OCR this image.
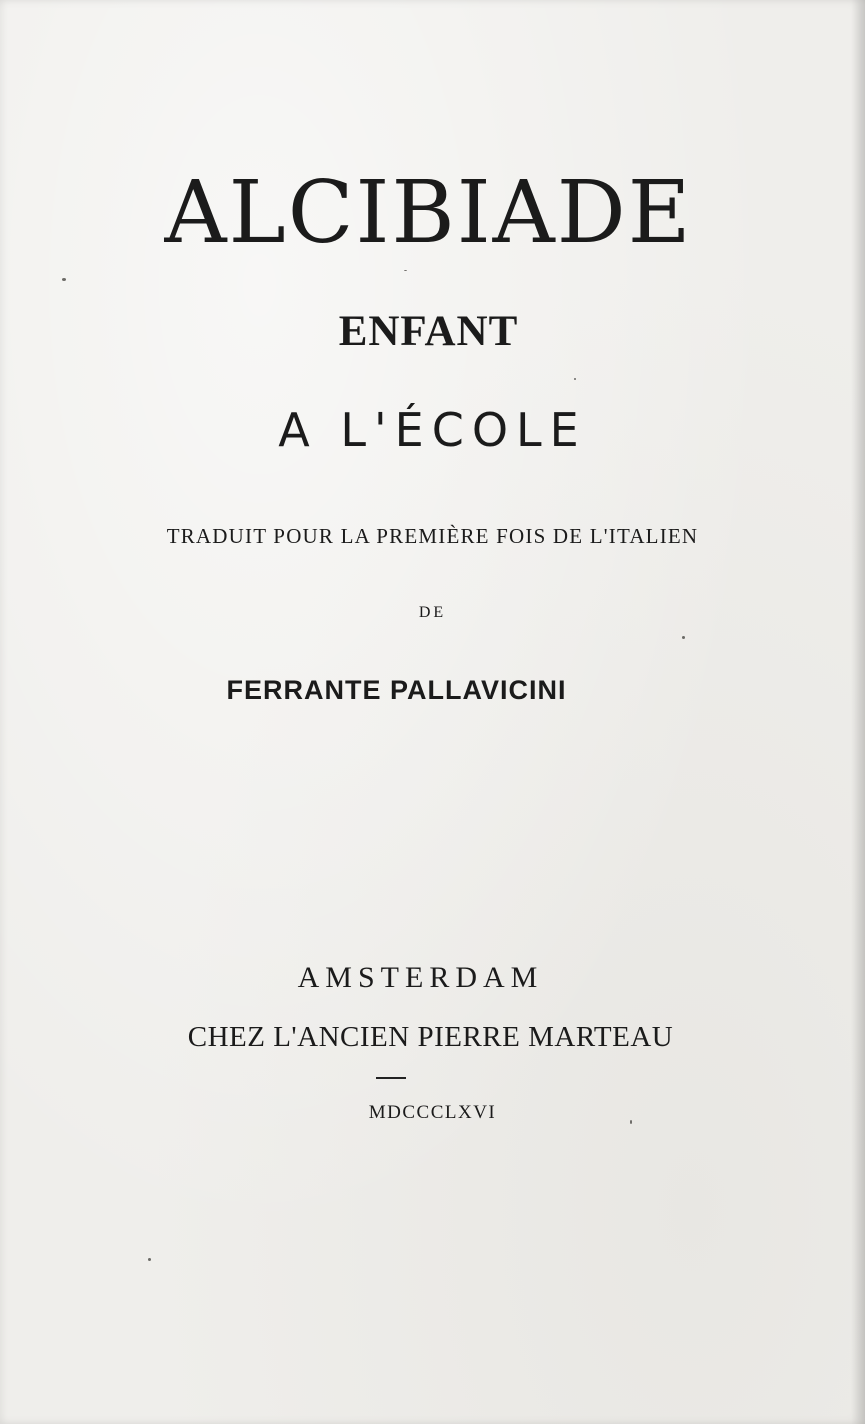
ALCIBIADE
ENFANT
A L'ÉCOLE
TRADUIT POUR LA PREMIÈRE FOIS DE L'ITALIEN
DE
FERRANTE PALLAVICINI
AMSTERDAM
CHEZ L'ANCIEN PIERRE MARTEAU
MDCCCLXVI
